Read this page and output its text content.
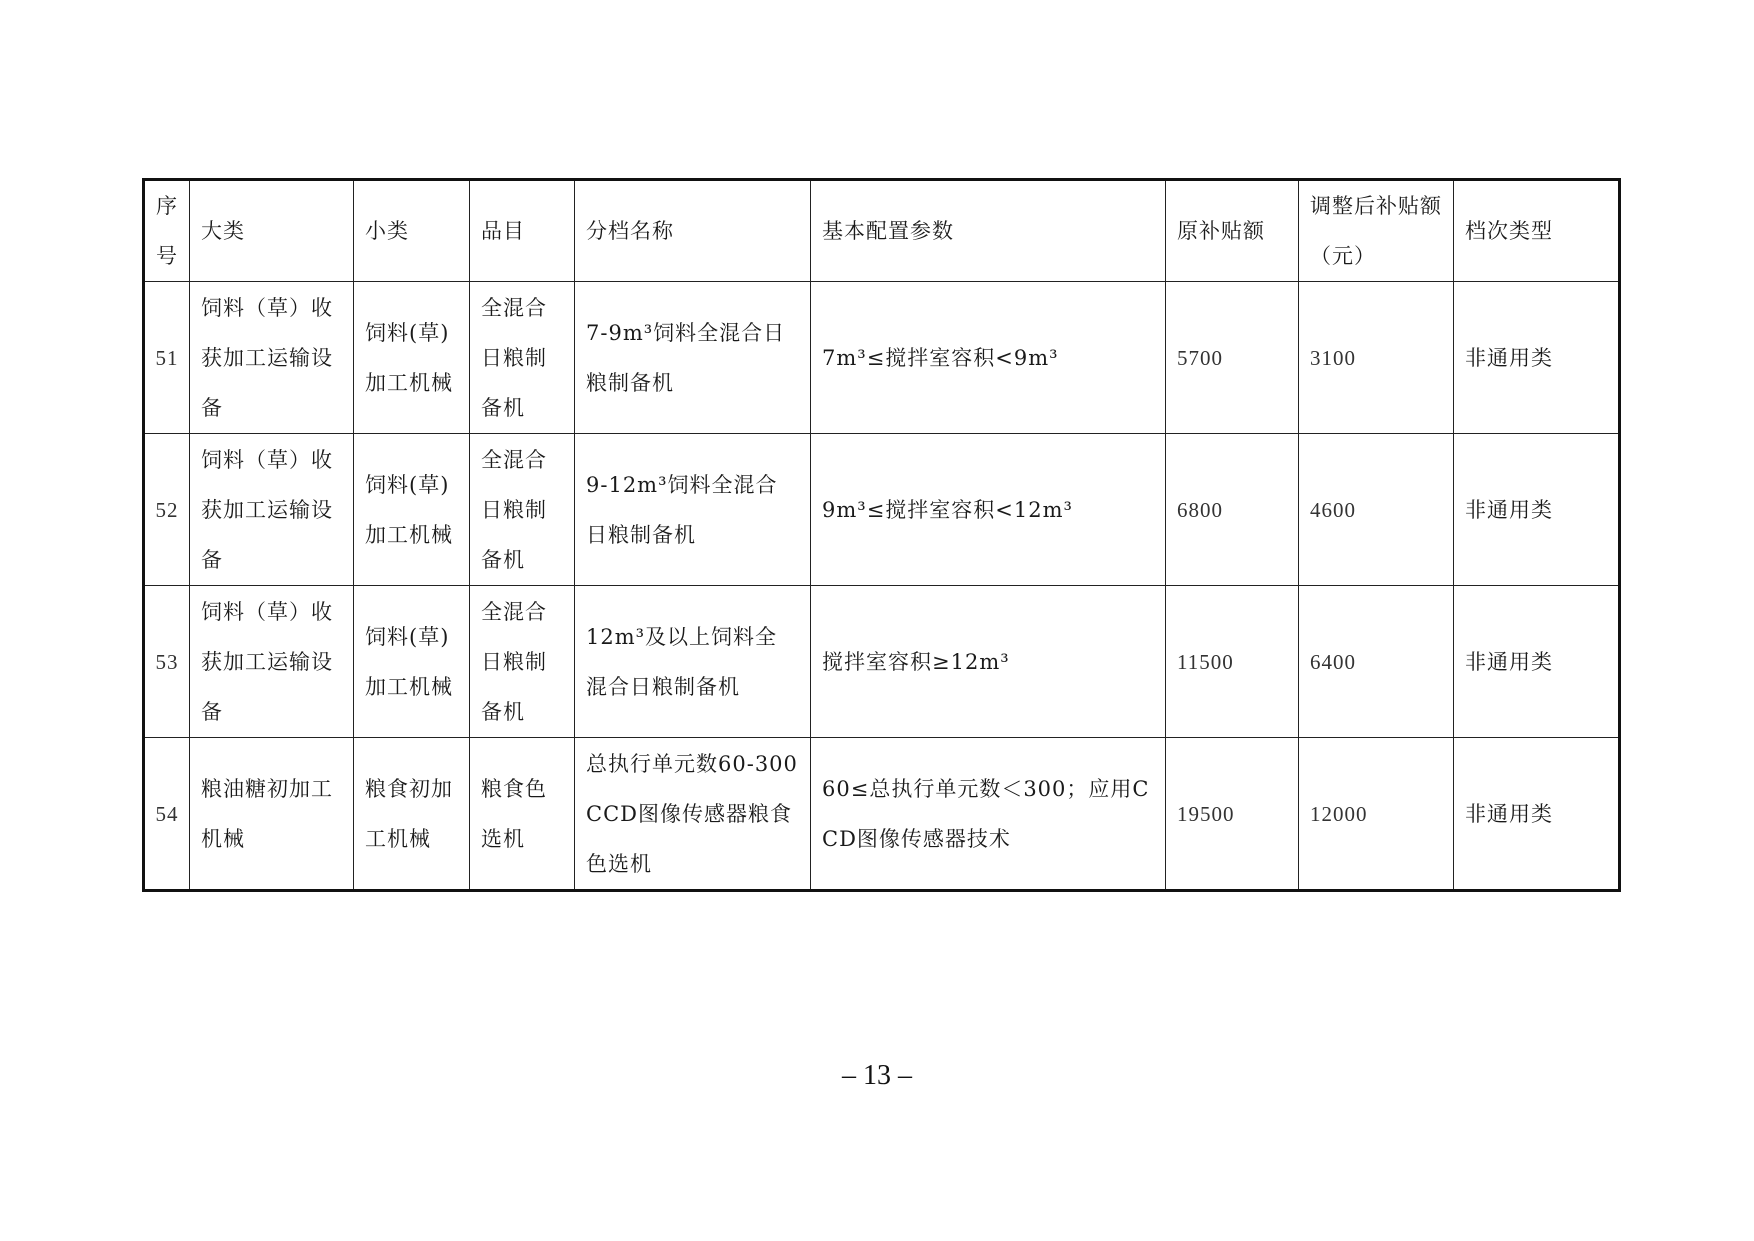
序号	大类	小类	品目	分档名称	基本配置参数	原补贴额	调整后补贴额（元）	档次类型
51	饲料（草）收获加工运输设备	饲料(草)加工机械	全混合日粮制备机	7-9m³饲料全混合日粮制备机	7m³≤搅拌室容积<9m³	5700	3100	非通用类
52	饲料（草）收获加工运输设备	饲料(草)加工机械	全混合日粮制备机	9-12m³饲料全混合日粮制备机	9m³≤搅拌室容积<12m³	6800	4600	非通用类
53	饲料（草）收获加工运输设备	饲料(草)加工机械	全混合日粮制备机	12m³及以上饲料全混合日粮制备机	搅拌室容积≥12m³	11500	6400	非通用类
54	粮油糖初加工机械	粮食初加工机械	粮食色选机	总执行单元数60-300CCD图像传感器粮食色选机	60≤总执行单元数＜300；应用CCD图像传感器技术	19500	12000	非通用类
– 13 –
